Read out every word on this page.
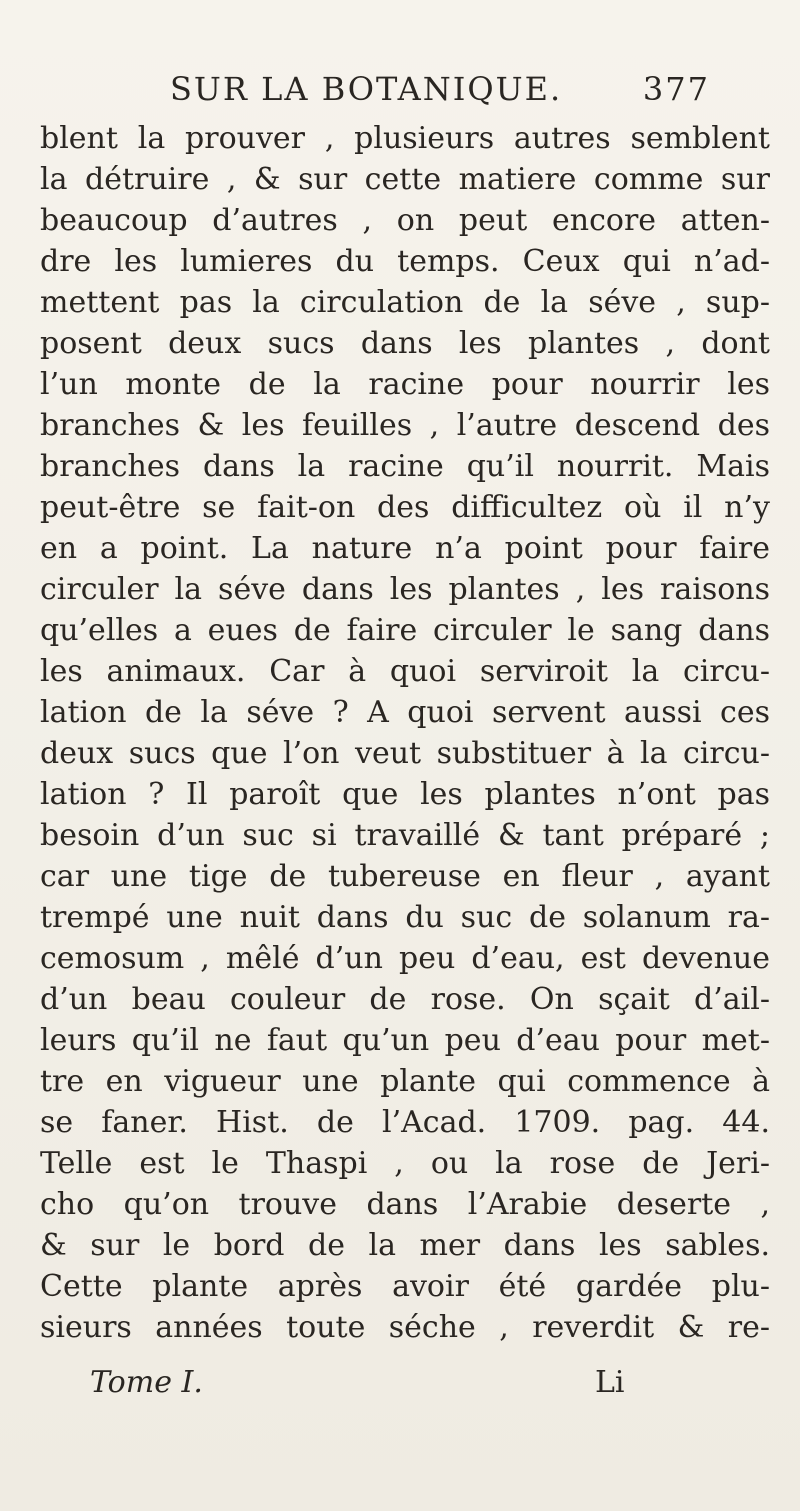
SUR LA BOTANIQUE.	377
blent la prouver , plusieurs autres semblent
la détruire , & sur cette matiere comme sur
beaucoup d’autres , on peut encore atten-
dre les lumieres du temps. Ceux qui n’ad-
mettent pas la circulation de la séve , sup-
posent deux sucs dans les plantes , dont
l’un monte de la racine pour nourrir les
branches & les feuilles , l’autre descend des
branches dans la racine qu’il nourrit. Mais
peut-être se fait-on des difficultez où il n’y
en a point. La nature n’a point pour faire
circuler la séve dans les plantes , les raisons
qu’elles a eues de faire circuler le sang dans
les animaux. Car à quoi serviroit la circu-
lation de la séve ? A quoi servent aussi ces
deux sucs que l’on veut substituer à la circu-
lation ? Il paroît que les plantes n’ont pas
besoin d’un suc si travaillé & tant préparé ;
car une tige de tubereuse en fleur , ayant
trempé une nuit dans du suc de solanum ra-
cemosum , mêlé d’un peu d’eau, est devenue
d’un beau couleur de rose. On sçait d’ail-
leurs qu’il ne faut qu’un peu d’eau pour met-
tre en vigueur une plante qui commence à
se faner. Hist. de l’Acad. 1709. pag. 44.
Telle est le Thaspi , ou la rose de Jeri-
cho qu’on trouve dans l’Arabie deserte ,
& sur le bord de la mer dans les sables.
Cette plante après avoir été gardée plu-
sieurs années toute séche , reverdit & re-
Tome I.	Li
